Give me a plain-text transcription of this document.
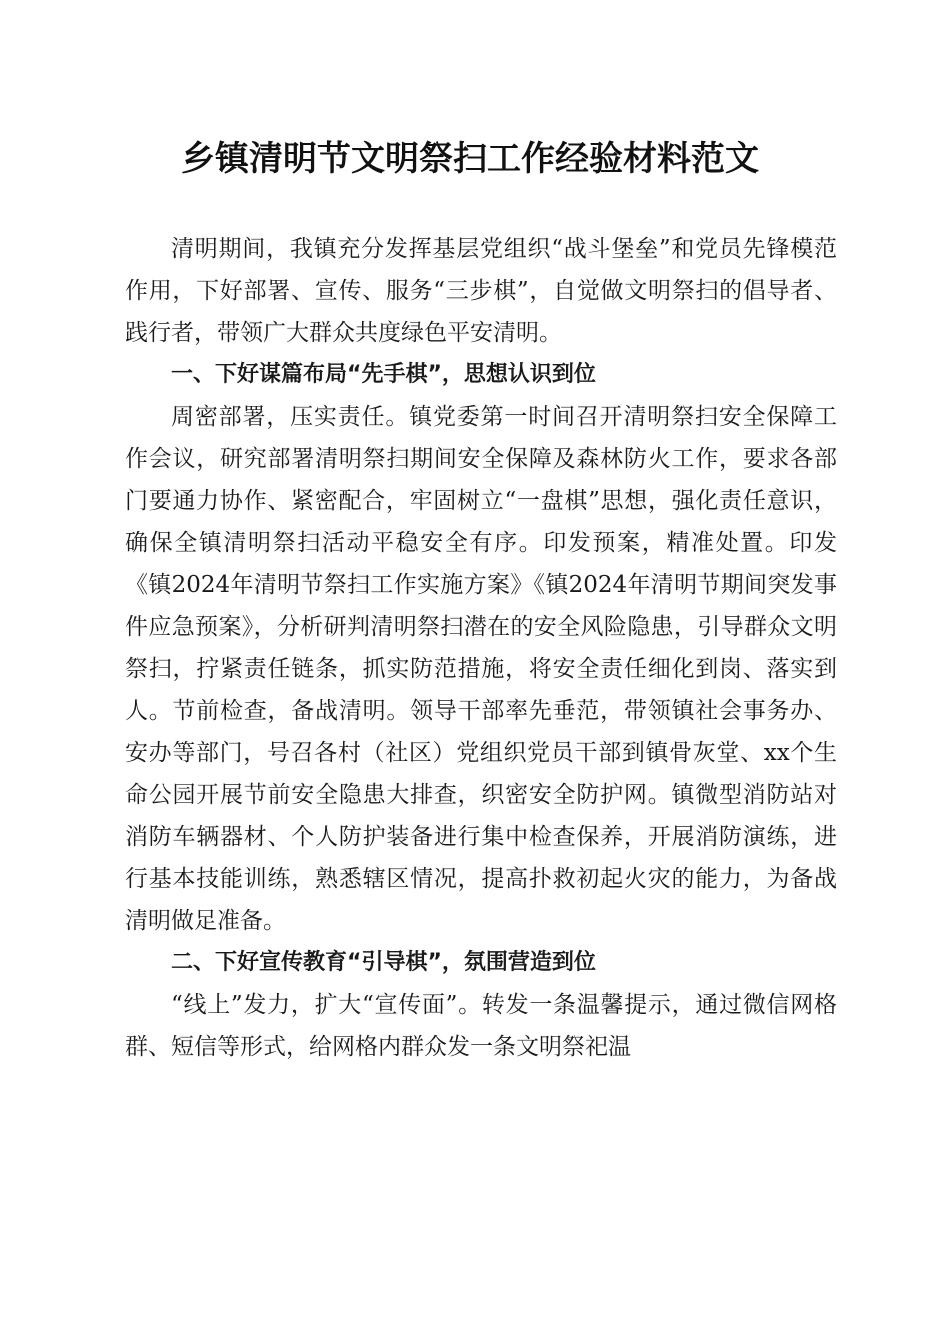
乡镇清明节文明祭扫工作经验材料范文

清明期间，我镇充分发挥基层党组织“战斗堡垒”和党员先锋模范作用，下好部署、宣传、服务“三步棋”，自觉做文明祭扫的倡导者、践行者，带领广大群众共度绿色平安清明。

一、下好谋篇布局“先手棋”，思想认识到位

周密部署，压实责任。镇党委第一时间召开清明祭扫安全保障工作会议，研究部署清明祭扫期间安全保障及森林防火工作，要求各部门要通力协作、紧密配合，牢固树立“一盘棋”思想，强化责任意识，确保全镇清明祭扫活动平稳安全有序。印发预案，精准处置。印发《镇2024年清明节祭扫工作实施方案》《镇2024年清明节期间突发事件应急预案》，分析研判清明祭扫潜在的安全风险隐患，引导群众文明祭扫，拧紧责任链条，抓实防范措施，将安全责任细化到岗、落实到人。节前检查，备战清明。领导干部率先垂范，带领镇社会事务办、安办等部门，号召各村（社区）党组织党员干部到镇骨灰堂、xx个生命公园开展节前安全隐患大排查，织密安全防护网。镇微型消防站对消防车辆器材、个人防护装备进行集中检查保养，开展消防演练，进行基本技能训练，熟悉辖区情况，提高扑救初起火灾的能力，为备战清明做足准备。

二、下好宣传教育“引导棋”，氛围营造到位

“线上”发力，扩大“宣传面”。转发一条温馨提示，通过微信网格群、短信等形式，给网格内群众发一条文明祭祀温
